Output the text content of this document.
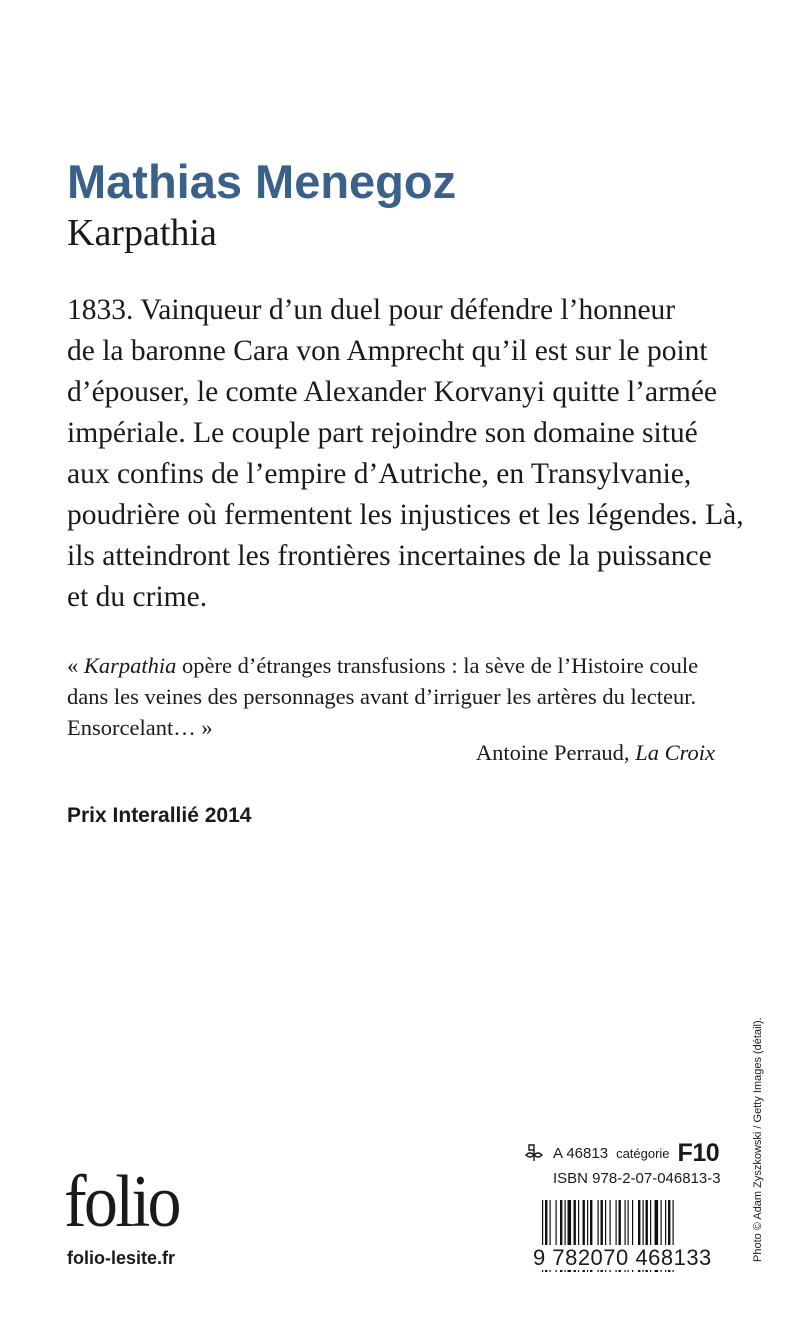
Mathias Menegoz
Karpathia
1833. Vainqueur d’un duel pour défendre l’honneur
de la baronne Cara von Amprecht qu’il est sur le point
d’épouser, le comte Alexander Korvanyi quitte l’armée
impériale. Le couple part rejoindre son domaine situé
aux confins de l’empire d’Autriche, en Transylvanie,
poudrière où fermentent les injustices et les légendes. Là,
ils atteindront les frontières incertaines de la puissance
et du crime.
« Karpathia opère d’étranges transfusions : la sève de l’Histoire coule
dans les veines des personnages avant d’irriguer les artères du lecteur.
Ensorcelant… »
Antoine Perraud, La Croix
Prix Interallié 2014
folio
folio-lesite.fr
A 46813 catégorie F10
ISBN 978-2-07-046813-3
9 782070 468133	Photo © Adam Zyszkowski / Getty Images (détail).
